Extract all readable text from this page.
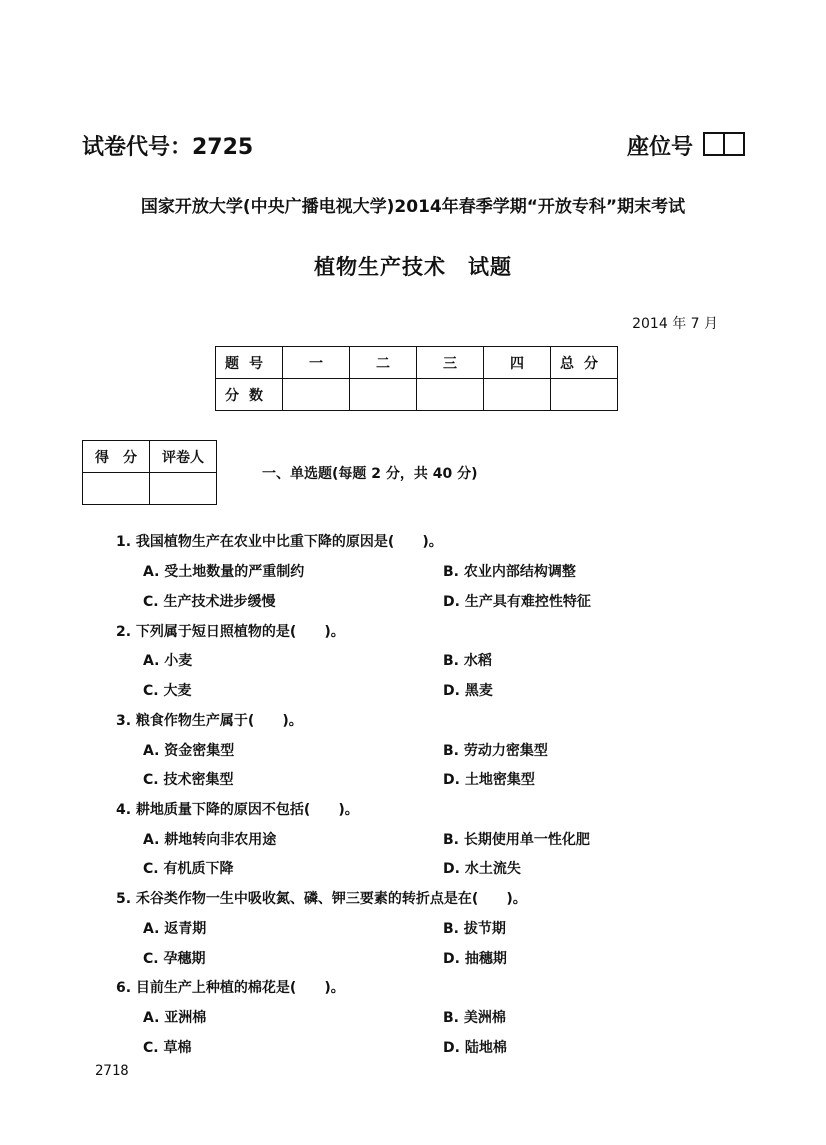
试卷代号：2725	座位号
国家开放大学(中央广播电视大学)2014年春季学期“开放专科”期末考试
植物生产技术　试题
2014 年 7 月
题号	一	二	三	四	总分
分数					
得　分	评卷人

一、单选题(每题 2 分，共 40 分)
1. 我国植物生产在农业中比重下降的原因是(　　)。
A. 受土地数量的严重制约	B. 农业内部结构调整
C. 生产技术进步缓慢	D. 生产具有难控性特征
2. 下列属于短日照植物的是(　　)。
A. 小麦	B. 水稻
C. 大麦	D. 黑麦
3. 粮食作物生产属于(　　)。
A. 资金密集型	B. 劳动力密集型
C. 技术密集型	D. 土地密集型
4. 耕地质量下降的原因不包括(　　)。
A. 耕地转向非农用途	B. 长期使用单一性化肥
C. 有机质下降	D. 水土流失
5. 禾谷类作物一生中吸收氮、磷、钾三要素的转折点是在(　　)。
A. 返青期	B. 拔节期
C. 孕穗期	D. 抽穗期
6. 目前生产上种植的棉花是(　　)。
A. 亚洲棉	B. 美洲棉
C. 草棉	D. 陆地棉
2718
